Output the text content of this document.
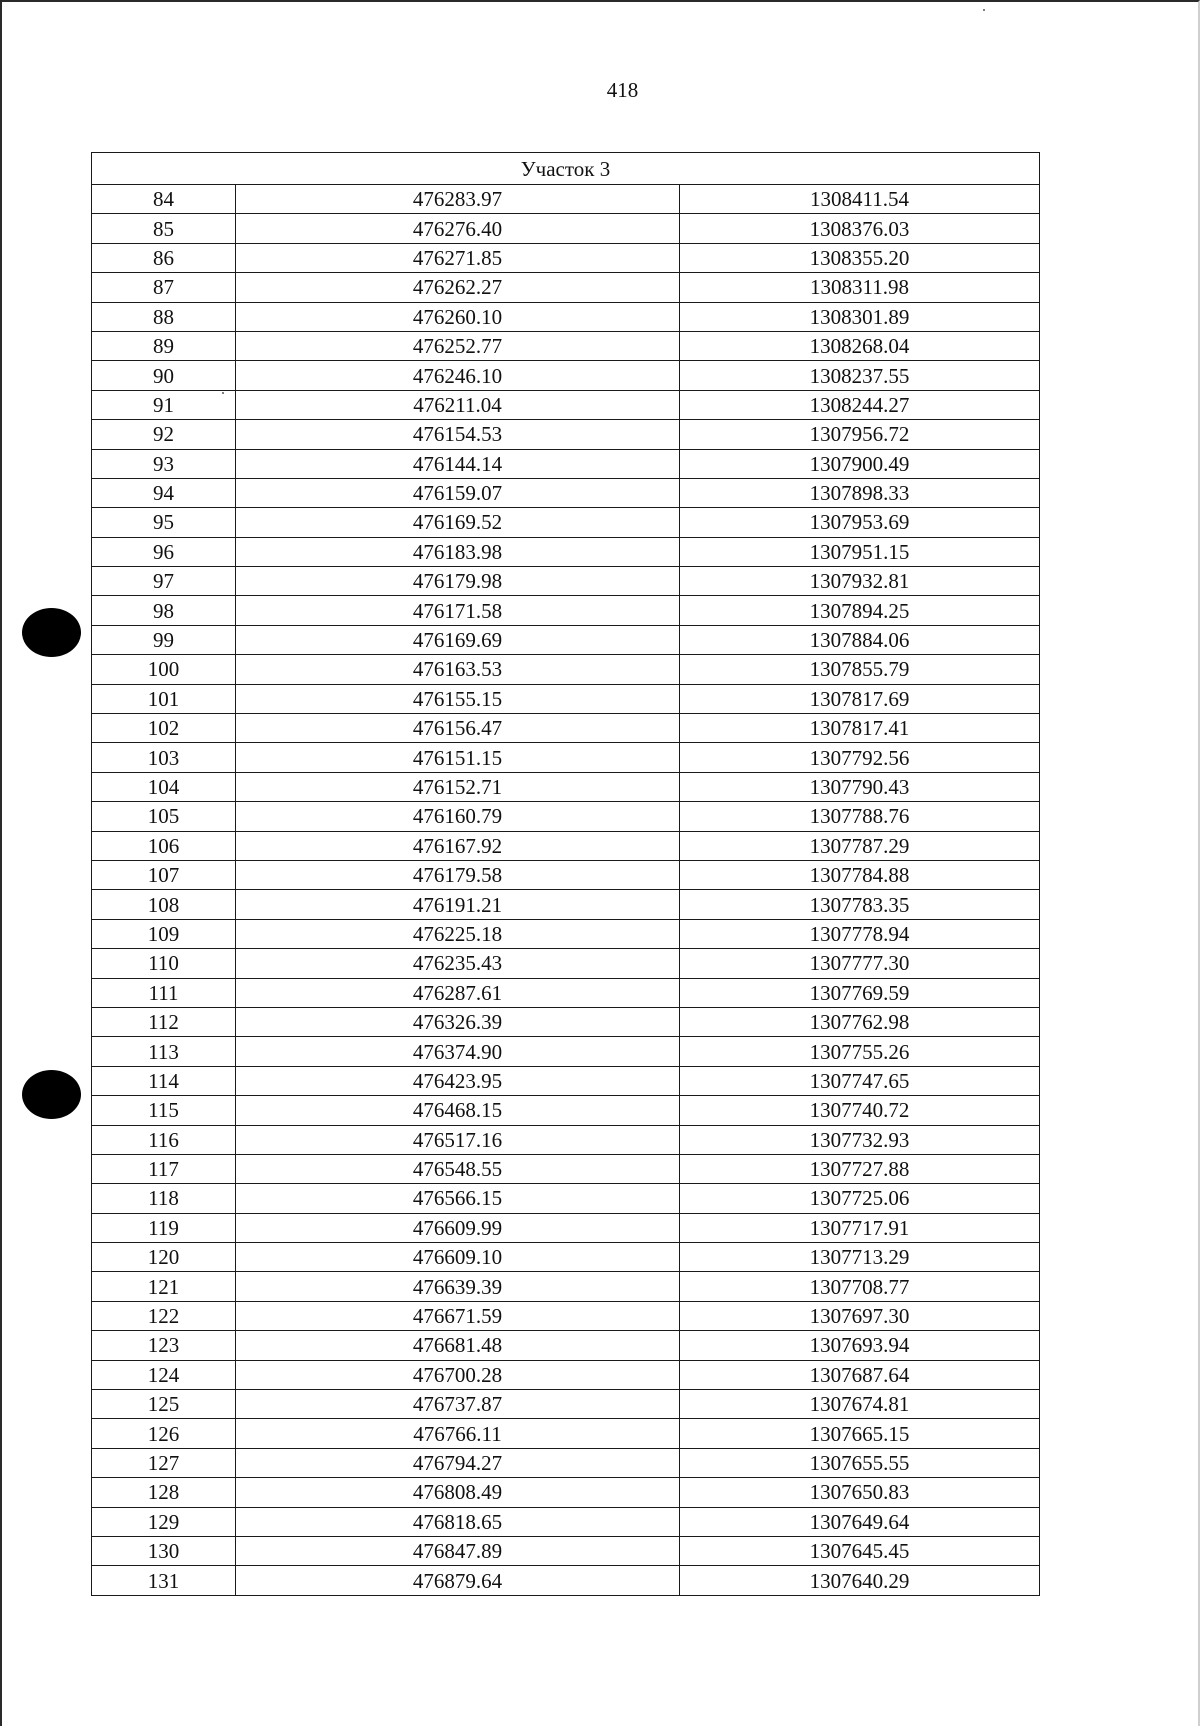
418
Участок 3		
84	476283.97	1308411.54
85	476276.40	1308376.03
86	476271.85	1308355.20
87	476262.27	1308311.98
88	476260.10	1308301.89
89	476252.77	1308268.04
90	476246.10	1308237.55
91	476211.04	1308244.27
92	476154.53	1307956.72
93	476144.14	1307900.49
94	476159.07	1307898.33
95	476169.52	1307953.69
96	476183.98	1307951.15
97	476179.98	1307932.81
98	476171.58	1307894.25
99	476169.69	1307884.06
100	476163.53	1307855.79
101	476155.15	1307817.69
102	476156.47	1307817.41
103	476151.15	1307792.56
104	476152.71	1307790.43
105	476160.79	1307788.76
106	476167.92	1307787.29
107	476179.58	1307784.88
108	476191.21	1307783.35
109	476225.18	1307778.94
110	476235.43	1307777.30
111	476287.61	1307769.59
112	476326.39	1307762.98
113	476374.90	1307755.26
114	476423.95	1307747.65
115	476468.15	1307740.72
116	476517.16	1307732.93
117	476548.55	1307727.88
118	476566.15	1307725.06
119	476609.99	1307717.91
120	476609.10	1307713.29
121	476639.39	1307708.77
122	476671.59	1307697.30
123	476681.48	1307693.94
124	476700.28	1307687.64
125	476737.87	1307674.81
126	476766.11	1307665.15
127	476794.27	1307655.55
128	476808.49	1307650.83
129	476818.65	1307649.64
130	476847.89	1307645.45
131	476879.64	1307640.29
